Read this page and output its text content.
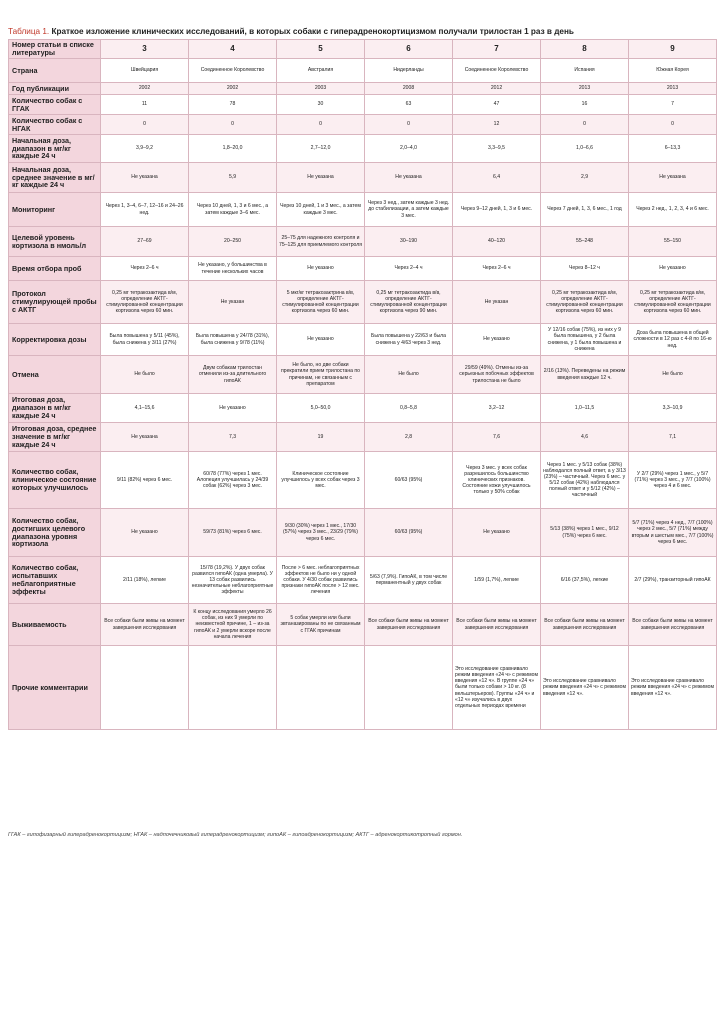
Таблица 1. Краткое изложение клинических исследований, в которых собаки с гиперадренокортицизмом получали трилостан 1 раз в день
Номер статьи в списке литературы	3	4	5	6	7	8	9
Страна	Швейцария	Соединенное Королевство	Австралия	Нидерланды	Соединенное Королевство	Испания	Южная Корея
Год публикации	2002	2002	2003	2008	2012	2013	2013
Количество собак с ГГАК	11	78	30	63	47	16	7
Количество собак с НГАК	0	0	0	0	12	0	0
Начальная доза, диапазон в мг/кг каждые 24 ч	3,9–9,2	1,8–20,0	2,7–12,0	2,0–4,0	3,3–9,5	1,0–6,6	6–13,3
Начальная доза, среднее значение в мг/кг каждые 24 ч	Не указана	5,9	Не указана	Не указана	6,4	2,9	Не указана
Мониторинг	Через 1, 3–4, 6–7, 12–16 и 24–26 нед.	Через 10 дней, 1, 3 и 6 мес., а затем каждые 3–6 мес.	Через 10 дней, 1 и 3 мес., а затем каждые 3 мес.	Через 3 нед., затем каждые 3 нед. до стабилизации, а затем каждые 3 мес.	Через 9–12 дней, 1, 3 и 6 мес.	Через 7 дней, 1, 3, 6 мес., 1 год	Через 2 нед., 1, 2, 3, 4 и 6 мес.
Целевой уровень кортизола в нмоль/л	27–69	20–250	25–75 для надежного контроля и 75–125 для приемлемого контроля	30–190	40–120	55–248	55–150
Время отбора проб	Через 2–6 ч	Не указано, у большинства в течение нескольких часов	Не указано	Через 2–4 ч	Через 2–6 ч	Через 8–12 ч	Не указано
Протокол стимулирующей пробы с АКТГ	0,25 мг тетракозактида в/м, определение АКТГ-стимулированной концентрации кортизола через 60 мин.	Не указан	5 мкг/кг тетракозактрина в/в, определение АКТГ-стимулированной концентрации кортизола через 60 мин.	0,25 мг тетракозактида в/в, определение АКТГ-стимулированной концентрации кортизола через 90 мин.	Не указан	0,25 мг тетракозактида в/м, определение АКТГ-стимулированной концентрации кортизола через 60 мин.	0,25 мг тетракозактида в/м, определение АКТГ-стимулированной концентрации кортизола через 60 мин.
Корректировка дозы	Была повышена у 5/11 (45%), была снижена у 3/11 (27%)	Была повышена у 24/78 (31%), была снижена у 9/78 (11%)	Не указано	Была повышена у 22/63 и была снижена у 4/63 через 3 нед.	Не указано	У 12/16 собак (75%), из них у 9 была повышена, у 2 была снижена, у 1 была повышена и снижена	Доза была повышена в общей сложности в 12 раз с 4-й по 16-ю нед.
Отмена	Не было	Двум собакам трилостан отменили из-за длительного гипоАК	Не было, но две собаки прекратили прием трилостана по причинам, не связанным с препаратом	Не было	29/59 (49%). Отмены из-за серьезных побочных эффектов трилостана не было	2/16 (13%). Переведены на режим введения каждые 12 ч.	Не было
Итоговая доза, диапазон в мг/кг каждые 24 ч	4,1–15,6	Не указано	5,0–50,0	0,8–5,8	3,2–12	1,0–11,5	3,3–10,9
Итоговая доза, среднее значение в мг/кг каждые 24 ч	Не указана	7,3	19	2,8	7,6	4,6	7,1
Количество собак, клиническое состояние которых улучшилось	9/11 (82%) через 6 мес.	60/78 (77%) через 1 мес. Алопеция улучшилась у 24/39 собак (62%) через 3 мес.	Клиническое состояние улучшилось у всех собак через 3 мес.	60/63 (95%)	Через 3 мес. у всех собак разрешилось большинство клинических признаков. Состояние кожи улучшилось только у 50% собак	Через 1 мес. у 5/13 собак (38%) наблюдался полный ответ, а у 3/13 (23%) – частичный. Через 6 мес. у 5/12 собак (42%) наблюдался полный ответ и у 5/12 (42%) – частичный	У 2/7 (29%) через 1 мес., у 5/7 (71%) через 3 мес., у 7/7 (100%) через 4 и 6 мес.
Количество собак, достигших целевого диапазона уровня кортизола	Не указано	59/73 (81%) через 6 мес.	9/30 (30%) через 1 мес., 17/30 (57%) через 3 мес., 23/29 (79%) через 6 мес.	60/63 (95%)	Не указано	5/13 (38%) через 1 мес., 9/12 (75%) через 6 мес.	5/7 (71%) через 4 нед., 7/7 (100%) через 2 мес., 5/7 (71%) между вторым и шестым мес., 7/7 (100%) через 6 мес.
Количество собак, испытавших неблагоприятные эффекты	2/11 (18%), легкие	15/78 (19,2%). У двух собак развился гипоАК (одна умерла). У 13 собак развились незначительные неблагоприятные эффекты	После > 6 мес. неблагоприятных эффектов не было ни у одной собаки. У 4/30 собак развились признаки гипоАК после > 12 мес. лечения	5/63 (7,9%). ГипоАК, в том числе перманентный у двух собак	1/59 (1,7%), легкие	6/16 (37,5%), легкие	2/7 (29%), транзиторный гипоАК
Выживаемость	Все собаки были живы на момент завершения исследования	К концу исследования умерло 26 собак, из них 9 умерли по неизвестной причине, 1 – из-за гипоАК и 2 умерли вскоре после начала лечения	5 собак умерли или были эвтаназированы по не связанным с ГГАК причинам	Все собаки были живы на момент завершения исследования	Все собаки были живы на момент завершения исследования	Все собаки были живы на момент завершения исследования	Все собаки были живы на момент завершения исследования
Прочие комментарии					Это исследование сравнивало режим введения «24 ч» с режимом введения «12 ч». В группе «24 ч» были только собаки > 10 кг. (8 вельштерьеров). Группы «24 ч» и «12 ч» изучались в двух отдельных периодах времени	Это исследование сравнивало режим введения «24 ч» с режимом введения «12 ч».	Это исследование сравнивало режим введения «24 ч» с режимом введения «12 ч».
ГГАК – гипофизарный гиперадренокортицизм; НГАК – надпочечниковый гиперадренокортицизм; гипоАК – гипоадренокортицизм; АКТГ – адренокортикотропный гормон.
